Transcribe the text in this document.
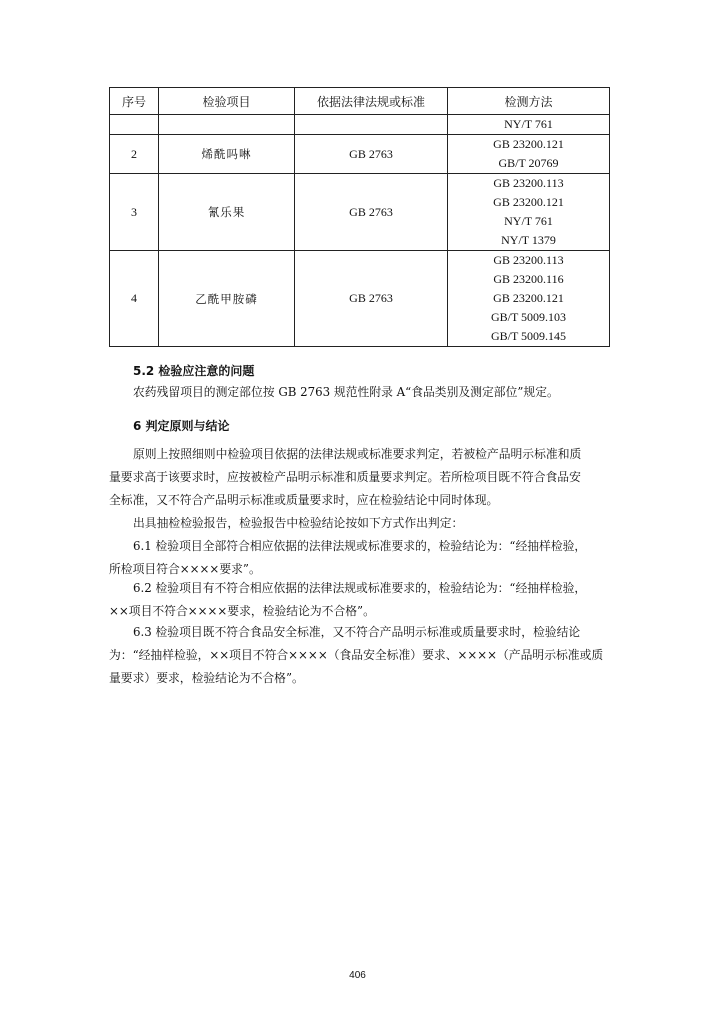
序号	检验项目	依据法律法规或标准	检测方法

			NY/T 761

2	烯酰吗啉	GB 2763	GB 23200.121
GB/T 20769

3	氰乐果	GB 2763	GB 23200.113
GB 23200.121
NY/T 761
NY/T 1379

4	乙酰甲胺磷	GB 2763	GB 23200.113
GB 23200.116
GB 23200.121
GB/T 5009.103
GB/T 5009.145
5.2 检验应注意的问题
农药残留项目的测定部位按 GB 2763 规范性附录 A“食品类别及测定部位”规定。
6 判定原则与结论
原则上按照细则中检验项目依据的法律法规或标准要求判定，若被检产品明示标准和质
量要求高于该要求时，应按被检产品明示标准和质量要求判定。若所检项目既不符合食品安
全标准，又不符合产品明示标准或质量要求时，应在检验结论中同时体现。
出具抽检检验报告，检验报告中检验结论按如下方式作出判定：
6.1 检验项目全部符合相应依据的法律法规或标准要求的，检验结论为：“经抽样检验，
所检项目符合××××要求”。
6.2 检验项目有不符合相应依据的法律法规或标准要求的，检验结论为：“经抽样检验，
××项目不符合××××要求，检验结论为不合格”。
6.3 检验项目既不符合食品安全标准，又不符合产品明示标准或质量要求时，检验结论
为：“经抽样检验，××项目不符合××××（食品安全标准）要求、××××（产品明示标准或质
量要求）要求，检验结论为不合格”。
406
